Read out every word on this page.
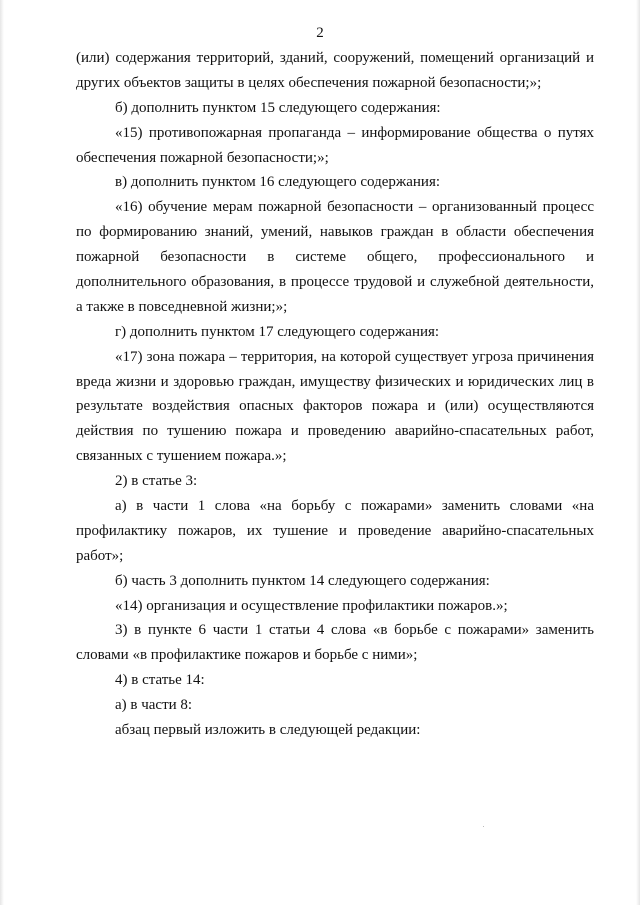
2
(или) содержания территорий, зданий, сооружений, помещений организаций и
других объектов защиты в целях обеспечения пожарной безопасности;»;
б) дополнить пунктом 15 следующего содержания:
«15) противопожарная пропаганда – информирование общества о путях
обеспечения пожарной безопасности;»;
в) дополнить пунктом 16 следующего содержания:
«16) обучение мерам пожарной безопасности – организованный процесс
по формированию знаний, умений, навыков граждан в области обеспечения
пожарной безопасности в системе общего, профессионального и
дополнительного образования, в процессе трудовой и служебной деятельности,
а также в повседневной жизни;»;
г) дополнить пунктом 17 следующего содержания:
«17) зона пожара – территория, на которой существует угроза причинения
вреда жизни и здоровью граждан, имуществу физических и юридических лиц в
результате воздействия опасных факторов пожара и (или) осуществляются
действия по тушению пожара и проведению аварийно-спасательных работ,
связанных с тушением пожара.»;
2) в статье 3:
а) в части 1 слова «на борьбу с пожарами» заменить словами «на
профилактику пожаров, их тушение и проведение аварийно-спасательных
работ»;
б) часть 3 дополнить пунктом 14 следующего содержания:
«14) организация и осуществление профилактики пожаров.»;
3) в пункте 6 части 1 статьи 4 слова «в борьбе с пожарами» заменить
словами «в профилактике пожаров и борьбе с ними»;
4) в статье 14:
а) в части 8:
абзац первый изложить в следующей редакции:
